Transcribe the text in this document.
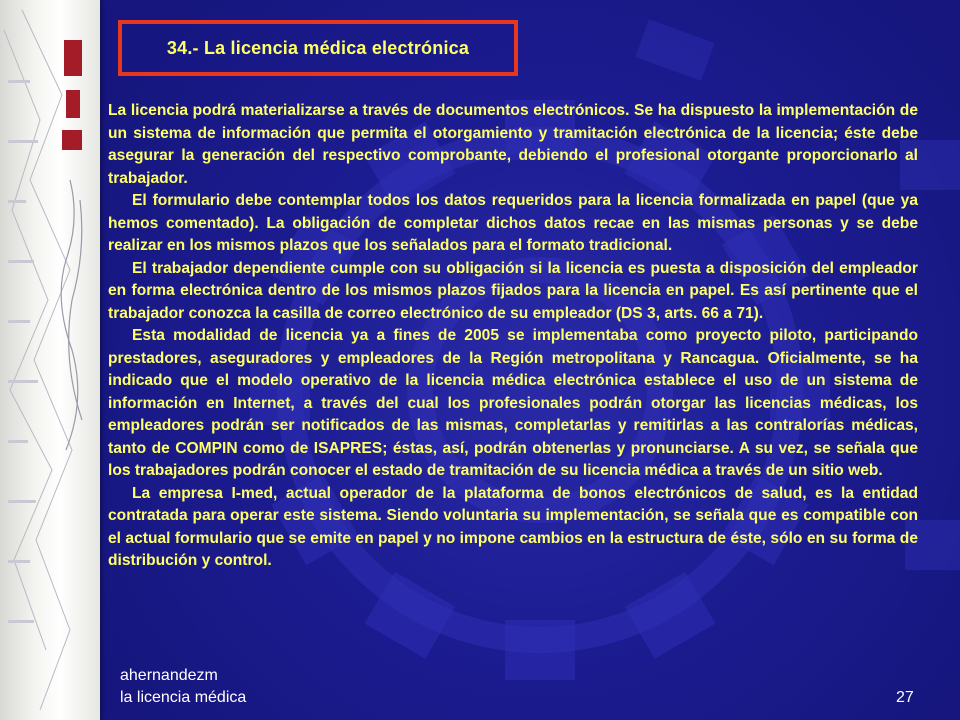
34.- La licencia médica electrónica

La licencia podrá materializarse a través de documentos electrónicos. Se ha dispuesto la implementación de un sistema de información que permita el otorgamiento y tramitación electrónica de la licencia; éste debe asegurar la generación del respectivo comprobante, debiendo el profesional otorgante proporcionarlo al trabajador.

El formulario debe contemplar todos los datos requeridos para la licencia formalizada en papel (que ya hemos comentado). La obligación de completar dichos datos recae en las mismas personas y se debe realizar en los mismos plazos que los señalados para el formato tradicional.

El trabajador dependiente cumple con su obligación si la licencia es puesta a disposición del empleador en forma electrónica dentro de los mismos plazos fijados para la licencia en papel. Es así pertinente que el trabajador conozca la casilla de correo electrónico de su empleador (DS 3, arts. 66 a 71).

Esta modalidad de licencia ya a fines de 2005 se implementaba como proyecto piloto, participando prestadores, aseguradores y empleadores de la Región metropolitana y Rancagua. Oficialmente, se ha indicado que el modelo operativo de la licencia médica electrónica establece el uso de un sistema de información en Internet, a través del cual los profesionales podrán otorgar las licencias médicas, los empleadores podrán ser notificados de las mismas, completarlas y remitirlas a las contralorías médicas, tanto de COMPIN como de ISAPRES; éstas, así, podrán obtenerlas y pronunciarse. A su vez, se señala que los trabajadores podrán conocer el estado de tramitación de su licencia médica a través de un sitio web.

La empresa I-med, actual operador de la plataforma de bonos electrónicos de salud, es la entidad contratada para operar este sistema. Siendo voluntaria su implementación, se señala que es compatible con el actual formulario que se emite en papel y no impone cambios en la estructura de éste, sólo en su forma de distribución y control.

ahernandezm
la licencia médica	27
